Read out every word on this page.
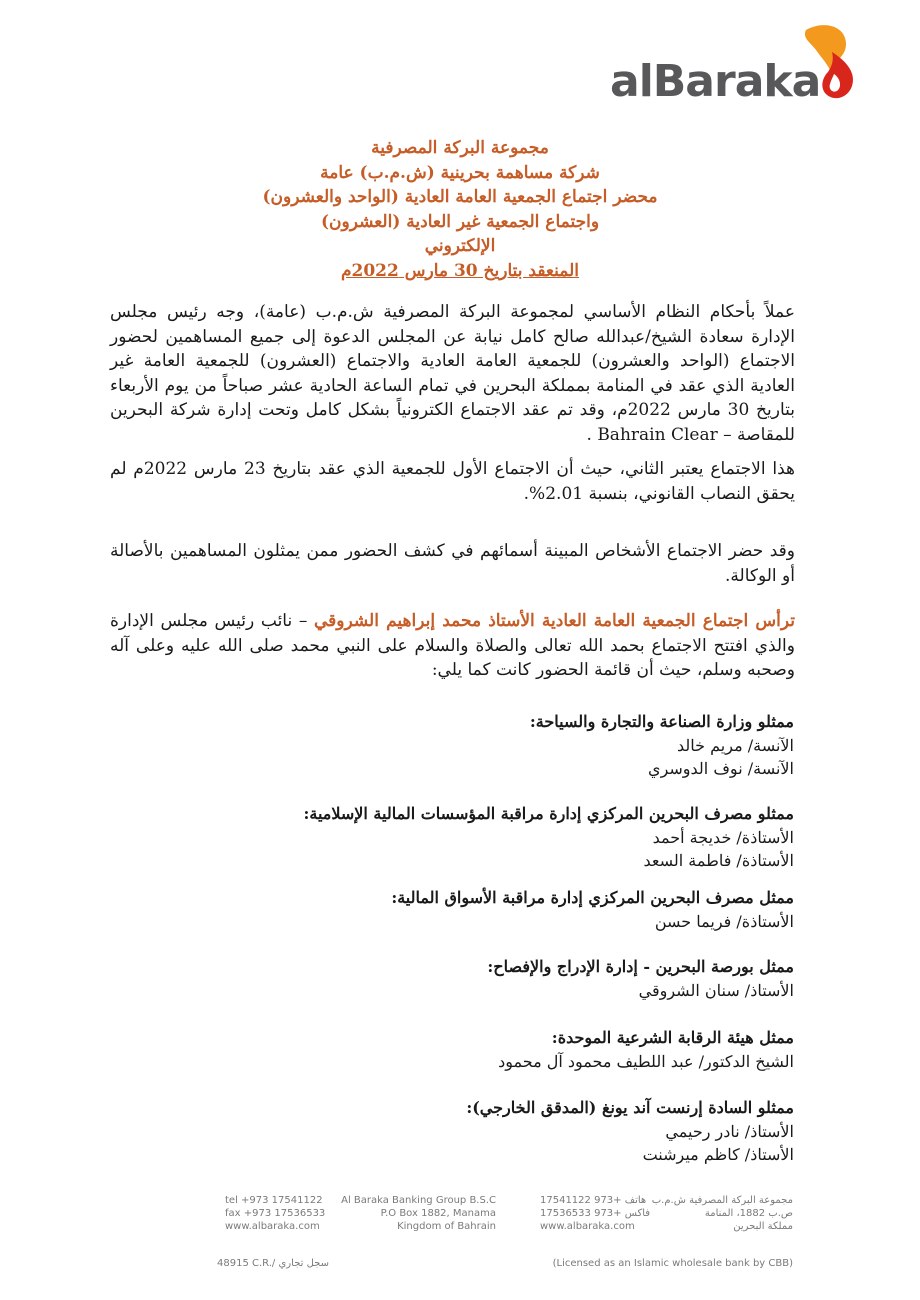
alBaraka
مجموعة البركة المصرفية
شركة مساهمة بحرينية (ش.م.ب) عامة
محضر اجتماع الجمعية العامة العادية (الواحد والعشرون)
واجتماع الجمعية غير العادية (العشرون)
الإلكتروني
المنعقد بتاريخ 30 مارس 2022م
عملاً بأحكام النظام الأساسي لمجموعة البركة المصرفية ش.م.ب (عامة)، وجه رئيس مجلس الإدارة سعادة الشيخ/عبدالله صالح كامل نيابة عن المجلس الدعوة إلى جميع المساهمين لحضور الاجتماع (الواحد والعشرون) للجمعية العامة العادية والاجتماع (العشرون) للجمعية العامة غير العادية الذي عقد في المنامة بمملكة البحرين في تمام الساعة الحادية عشر صباحاً من يوم الأربعاء بتاريخ 30 مارس 2022م، وقد تم عقد الاجتماع الكترونياً بشكل كامل وتحت إدارة شركة البحرين للمقاصة – Bahrain Clear .
هذا الاجتماع يعتبر الثاني، حيث أن الاجتماع الأول للجمعية الذي عقد بتاريخ 23 مارس 2022م لم يحقق النصاب القانوني، بنسبة 2.01%.
وقد حضر الاجتماع الأشخاص المبينة أسمائهم في كشف الحضور ممن يمثلون المساهمين بالأصالة أو الوكالة.
ترأس اجتماع الجمعية العامة العادية الأستاذ محمد إبراهيم الشروقي – نائب رئيس مجلس الإدارة والذي افتتح الاجتماع بحمد الله تعالى والصلاة والسلام على النبي محمد صلى الله عليه وعلى آله وصحبه وسلم، حيث أن قائمة الحضور كانت كما يلي:
ممثلو وزارة الصناعة والتجارة والسياحة:
الآنسة/ مريم خالد
الآنسة/ نوف الدوسري
ممثلو مصرف البحرين المركزي إدارة مراقبة المؤسسات المالية الإسلامية:
الأستاذة/ خديجة أحمد
الأستاذة/ فاطمة السعد
ممثل مصرف البحرين المركزي إدارة مراقبة الأسواق المالية:
الأستاذة/ فريما حسن
ممثل بورصة البحرين - إدارة الإدراج والإفصاح:
الأستاذ/ سنان الشروقي
ممثل هيئة الرقابة الشرعية الموحدة:
الشيخ الدكتور/ عبد اللطيف محمود آل محمود
ممثلو السادة إرنست آند يونغ (المدقق الخارجي):
الأستاذ/ نادر رحيمي
الأستاذ/ كاظم ميرشنت
tel +973 17541122
fax +973 17536533
www.albaraka.com
Al Baraka Banking Group B.S.C
P.O Box 1882, Manama
Kingdom of Bahrain
17541122 973+ هاتف
17536533 973+ فاكس
www.albaraka.com
مجموعة البركة المصرفية ش.م.ب
ص.ب 1882، المنامة
مملكة البحرين
48915 C.R./ سجل تجاري	(Licensed as an Islamic wholesale bank by CBB)
